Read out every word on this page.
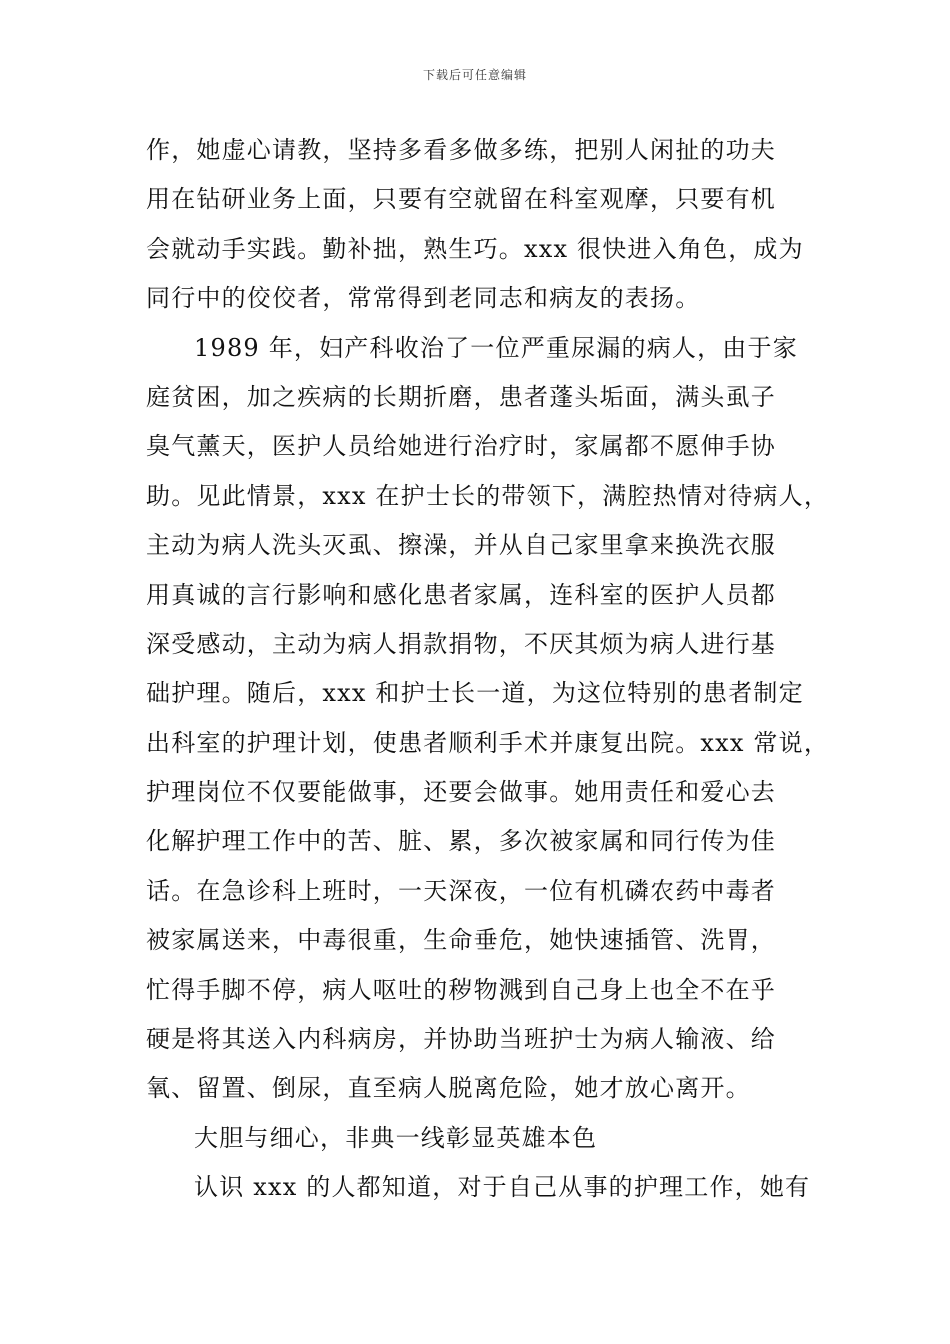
下载后可任意编辑
作，她虚心请教，坚持多看多做多练，把别人闲扯的功夫
用在钻研业务上面，只要有空就留在科室观摩，只要有机
会就动手实践。勤补拙，熟生巧。xxx 很快进入角色，成为
同行中的佼佼者，常常得到老同志和病友的表扬。
1989 年，妇产科收治了一位严重尿漏的病人，由于家
庭贫困，加之疾病的长期折磨，患者蓬头垢面，满头虱子
臭气薰天，医护人员给她进行治疗时，家属都不愿伸手协
助。见此情景，xxx 在护士长的带领下，满腔热情对待病人，
主动为病人洗头灭虱、擦澡，并从自己家里拿来换洗衣服
用真诚的言行影响和感化患者家属，连科室的医护人员都
深受感动，主动为病人捐款捐物，不厌其烦为病人进行基
础护理。随后，xxx 和护士长一道，为这位特别的患者制定
出科室的护理计划，使患者顺利手术并康复出院。xxx 常说，
护理岗位不仅要能做事，还要会做事。她用责任和爱心去
化解护理工作中的苦、脏、累，多次被家属和同行传为佳
话。在急诊科上班时，一天深夜，一位有机磷农药中毒者
被家属送来，中毒很重，生命垂危，她快速插管、洗胃，
忙得手脚不停，病人呕吐的秽物溅到自己身上也全不在乎
硬是将其送入内科病房，并协助当班护士为病人输液、给
氧、留置、倒尿，直至病人脱离危险，她才放心离开。
大胆与细心，非典一线彰显英雄本色
认识 xxx 的人都知道，对于自己从事的护理工作，她有
